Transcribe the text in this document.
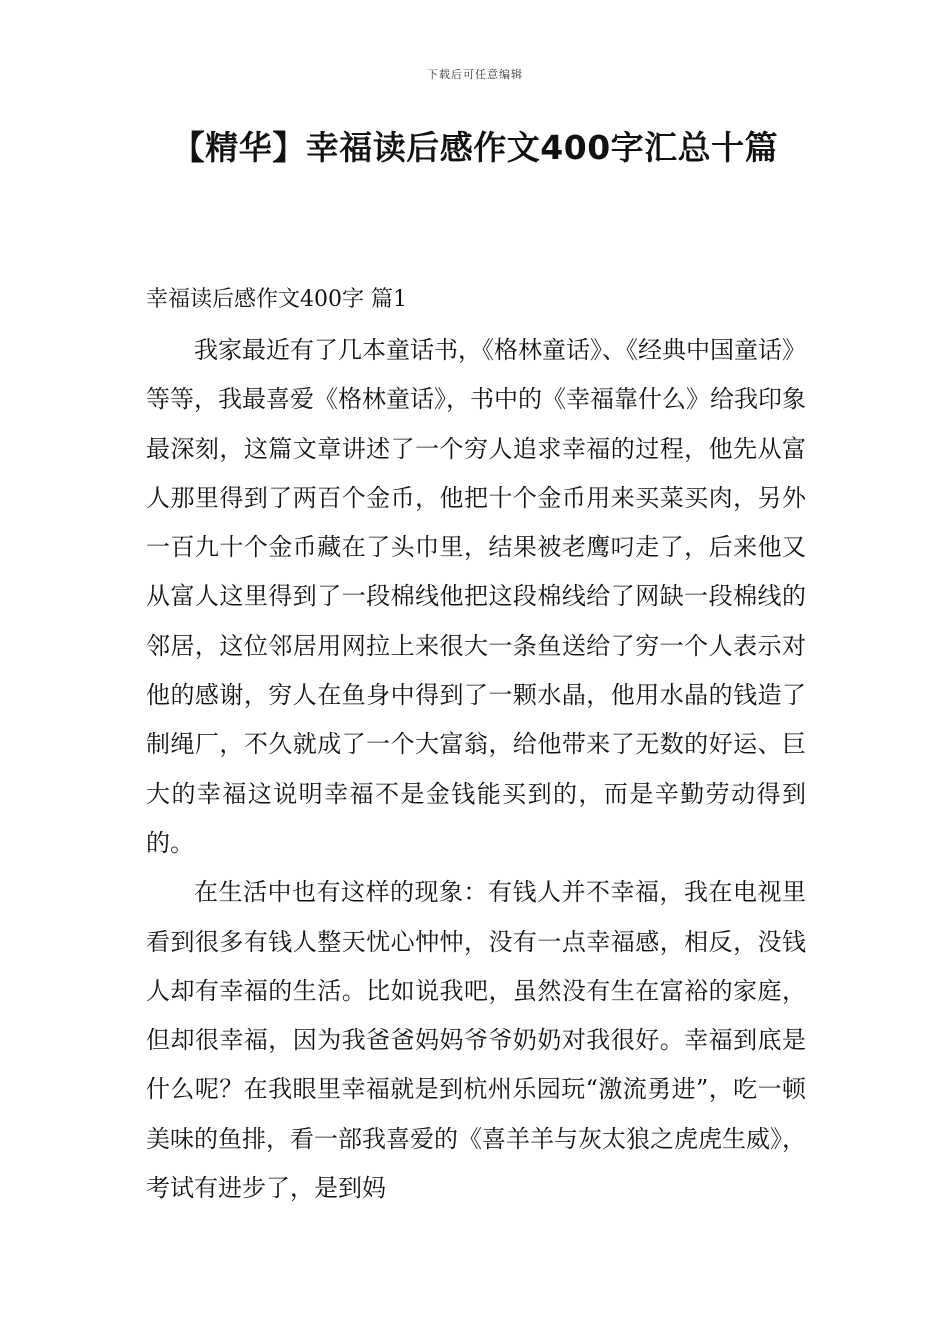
下载后可任意编辑
【精华】幸福读后感作文400字汇总十篇
幸福读后感作文400字 篇1

我家最近有了几本童话书，《格林童话》、《经典中国童话》等等，我最喜爱《格林童话》，书中的《幸福靠什么》给我印象最深刻，这篇文章讲述了一个穷人追求幸福的过程，他先从富人那里得到了两百个金币，他把十个金币用来买菜买肉，另外一百九十个金币藏在了头巾里，结果被老鹰叼走了，后来他又从富人这里得到了一段棉线他把这段棉线给了网缺一段棉线的邻居，这位邻居用网拉上来很大一条鱼送给了穷一个人表示对他的感谢，穷人在鱼身中得到了一颗水晶，他用水晶的钱造了制绳厂，不久就成了一个大富翁，给他带来了无数的好运、巨大的幸福这说明幸福不是金钱能买到的，而是辛勤劳动得到的。

在生活中也有这样的现象：有钱人并不幸福，我在电视里看到很多有钱人整天忧心忡忡，没有一点幸福感，相反，没钱人却有幸福的生活。比如说我吧，虽然没有生在富裕的家庭，但却很幸福，因为我爸爸妈妈爷爷奶奶对我很好。幸福到底是什么呢？在我眼里幸福就是到杭州乐园玩“激流勇进”，吃一顿美味的鱼排，看一部我喜爱的《喜羊羊与灰太狼之虎虎生威》，考试有进步了，是到妈
